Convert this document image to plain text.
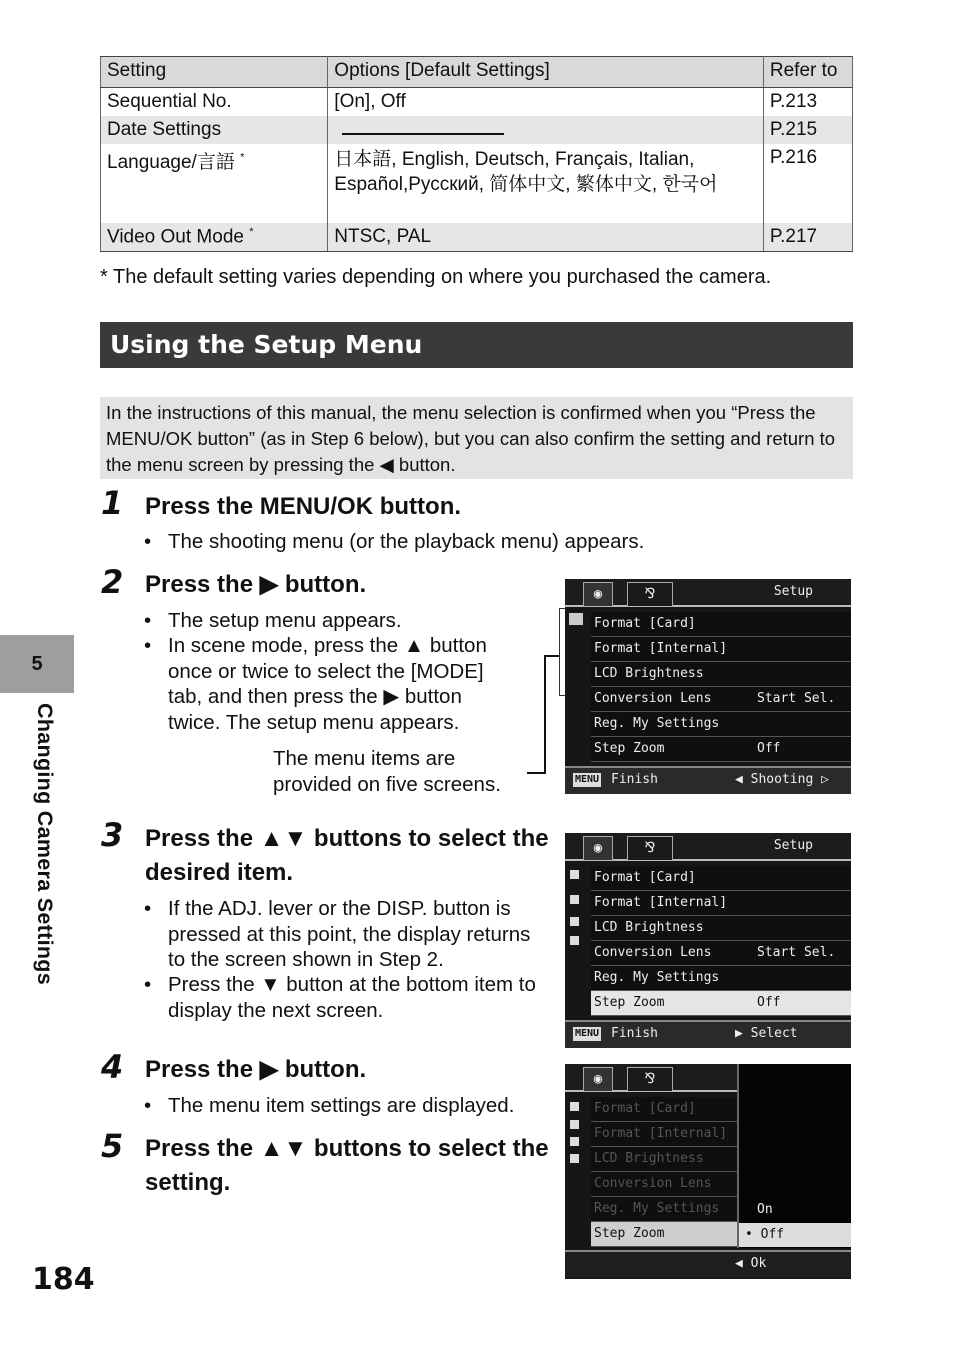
Setting	Options [Default Settings]	Refer to
Sequential No.	[On], Off	P.213
Date Settings		P.215
Language/言語 *	日本語, English, Deutsch, Français, Italian, Español,Русский, 简体中文, 繁体中文, 한국어	P.216
Video Out Mode *	NTSC, PAL	P.217
* The default setting varies depending on where you purchased the camera.
Using the Setup Menu
In the instructions of this manual, the menu selection is confirmed when you “Press the MENU/OK button” (as in Step 6 below), but you can also confirm the setting and return to the menu screen by pressing the ◀ button.
1 Press the MENU/OK button.
• The shooting menu (or the playback menu) appears.
2 Press the ▶ button.
• The setup menu appears.
• In scene mode, press the ▲ button once or twice to select the [MODE] tab, and then press the ▶ button twice. The setup menu appears.
The menu items are provided on five screens.
◉	⅋	Setup
Format [Card]
Format [Internal]
LCD Brightness
Conversion Lens	Start Sel.
Reg. My Settings
Step Zoom	Off
MENU Finish	◀ Shooting ▷
3 Press the ▲▼ buttons to select the desired item.
• If the ADJ. lever or the DISP. button is pressed at this point, the display returns to the screen shown in Step 2.
• Press the ▼ button at the bottom item to display the next screen.
◉	⅋	Setup
Format [Card]
Format [Internal]
LCD Brightness
Conversion Lens	Start Sel.
Reg. My Settings
Step Zoom	Off
MENU Finish	▶ Select
4 Press the ▶ button.
• The menu item settings are displayed.
5 Press the ▲▼ buttons to select the setting.
◉	⅋
Format [Card]
Format [Internal]
LCD Brightness
Conversion Lens
Reg. My Settings
Step Zoom
On
• Off
◀ Ok
5
Changing Camera Settings
184
